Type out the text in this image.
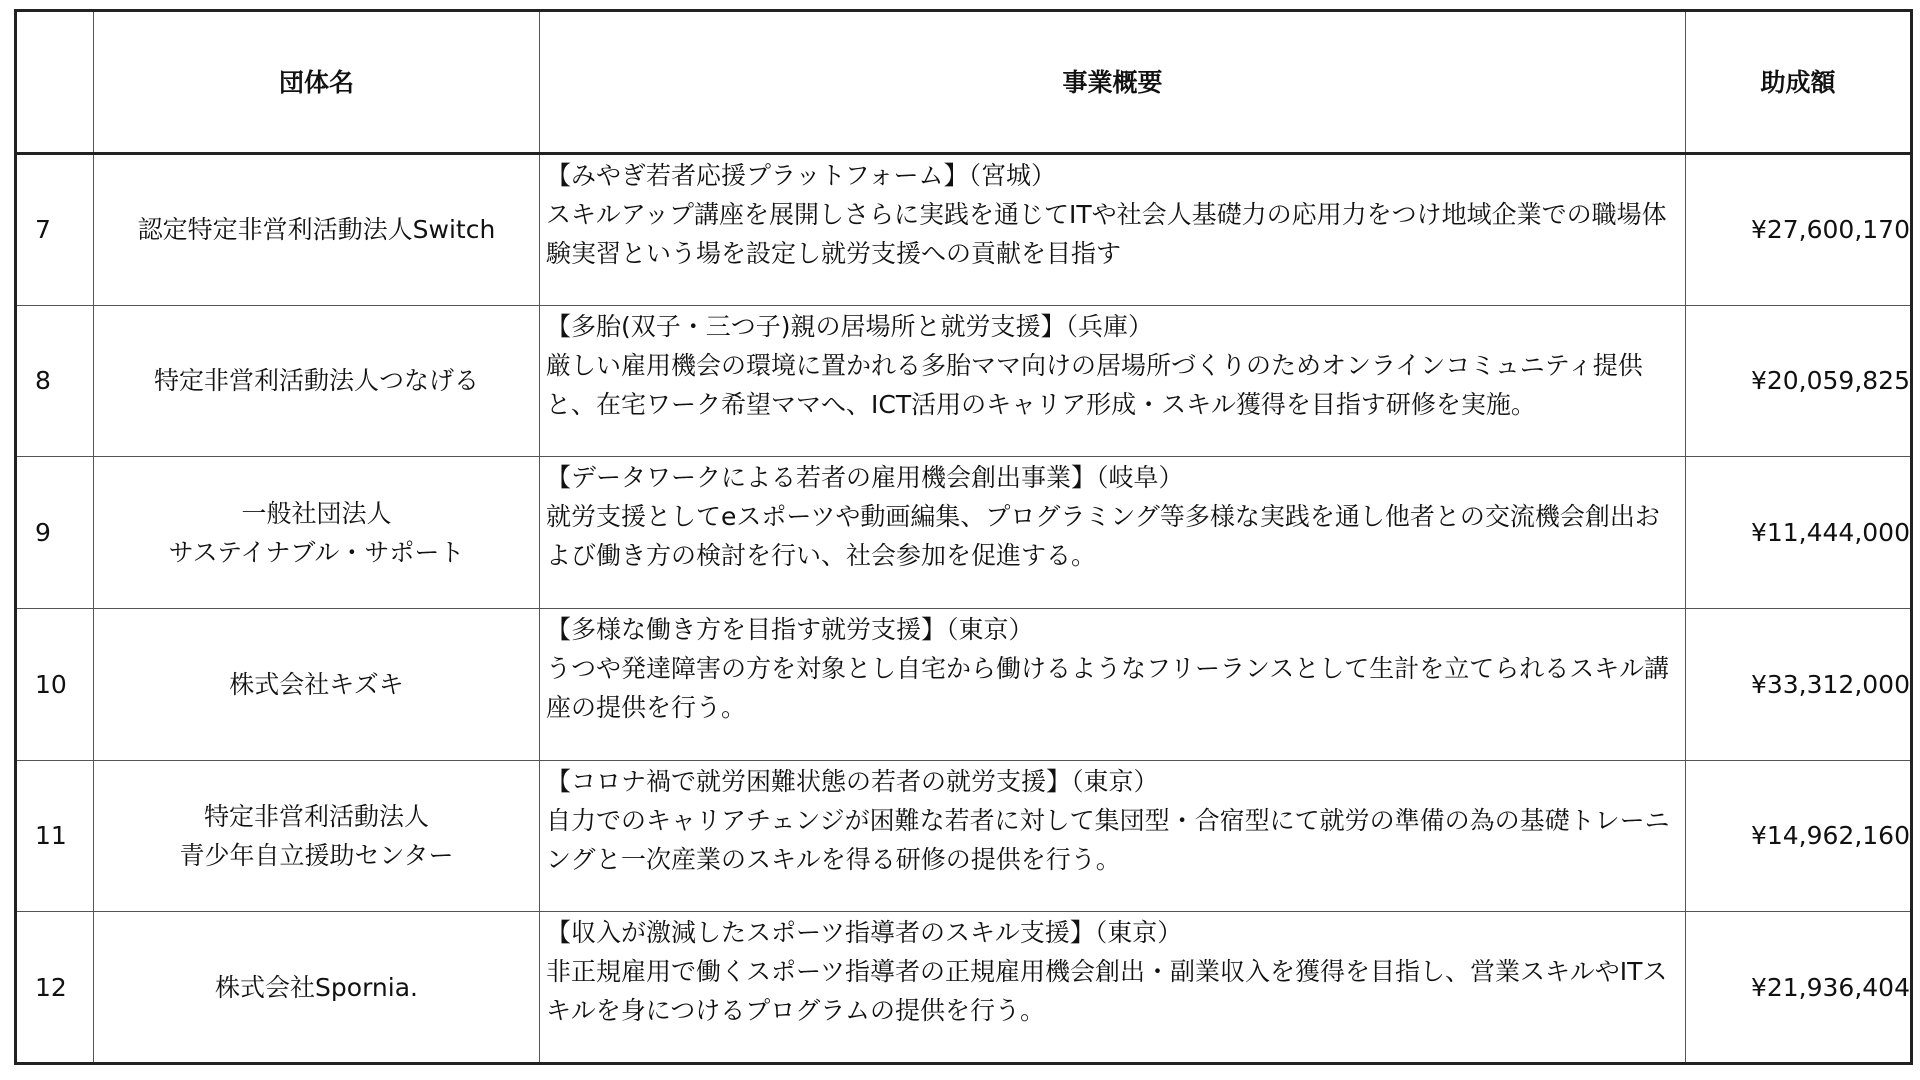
	団体名	事業概要	助成額
7	認定特定非営利活動法人Switch	【みやぎ若者応援プラットフォーム】（宮城）
スキルアップ講座を展開しさらに実践を通じてITや社会人基礎力の応用力をつけ地域企業での職場体験実習という場を設定し就労支援への貢献を目指す	¥27,600,170
8	特定非営利活動法人つなげる	【多胎(双子・三つ子)親の居場所と就労支援】（兵庫）
厳しい雇用機会の環境に置かれる多胎ママ向けの居場所づくりのためオンラインコミュニティ提供と、在宅ワーク希望ママへ、ICT活用のキャリア形成・スキル獲得を目指す研修を実施。	¥20,059,825
9	一般社団法人
サステイナブル・サポート	【データワークによる若者の雇用機会創出事業】（岐阜）
就労支援としてeスポーツや動画編集、プログラミング等多様な実践を通し他者との交流機会創出および働き方の検討を行い、社会参加を促進する。	¥11,444,000
10	株式会社キズキ	【多様な働き方を目指す就労支援】（東京）
うつや発達障害の方を対象とし自宅から働けるようなフリーランスとして生計を立てられるスキル講座の提供を行う。	¥33,312,000
11	特定非営利活動法人
青少年自立援助センター	【コロナ禍で就労困難状態の若者の就労支援】（東京）
自力でのキャリアチェンジが困難な若者に対して集団型・合宿型にて就労の準備の為の基礎トレーニングと一次産業のスキルを得る研修の提供を行う。	¥14,962,160
12	株式会社Spornia.	【収入が激減したスポーツ指導者のスキル支援】（東京）
非正規雇用で働くスポーツ指導者の正規雇用機会創出・副業収入を獲得を目指し、営業スキルやITスキルを身につけるプログラムの提供を行う。	¥21,936,404
